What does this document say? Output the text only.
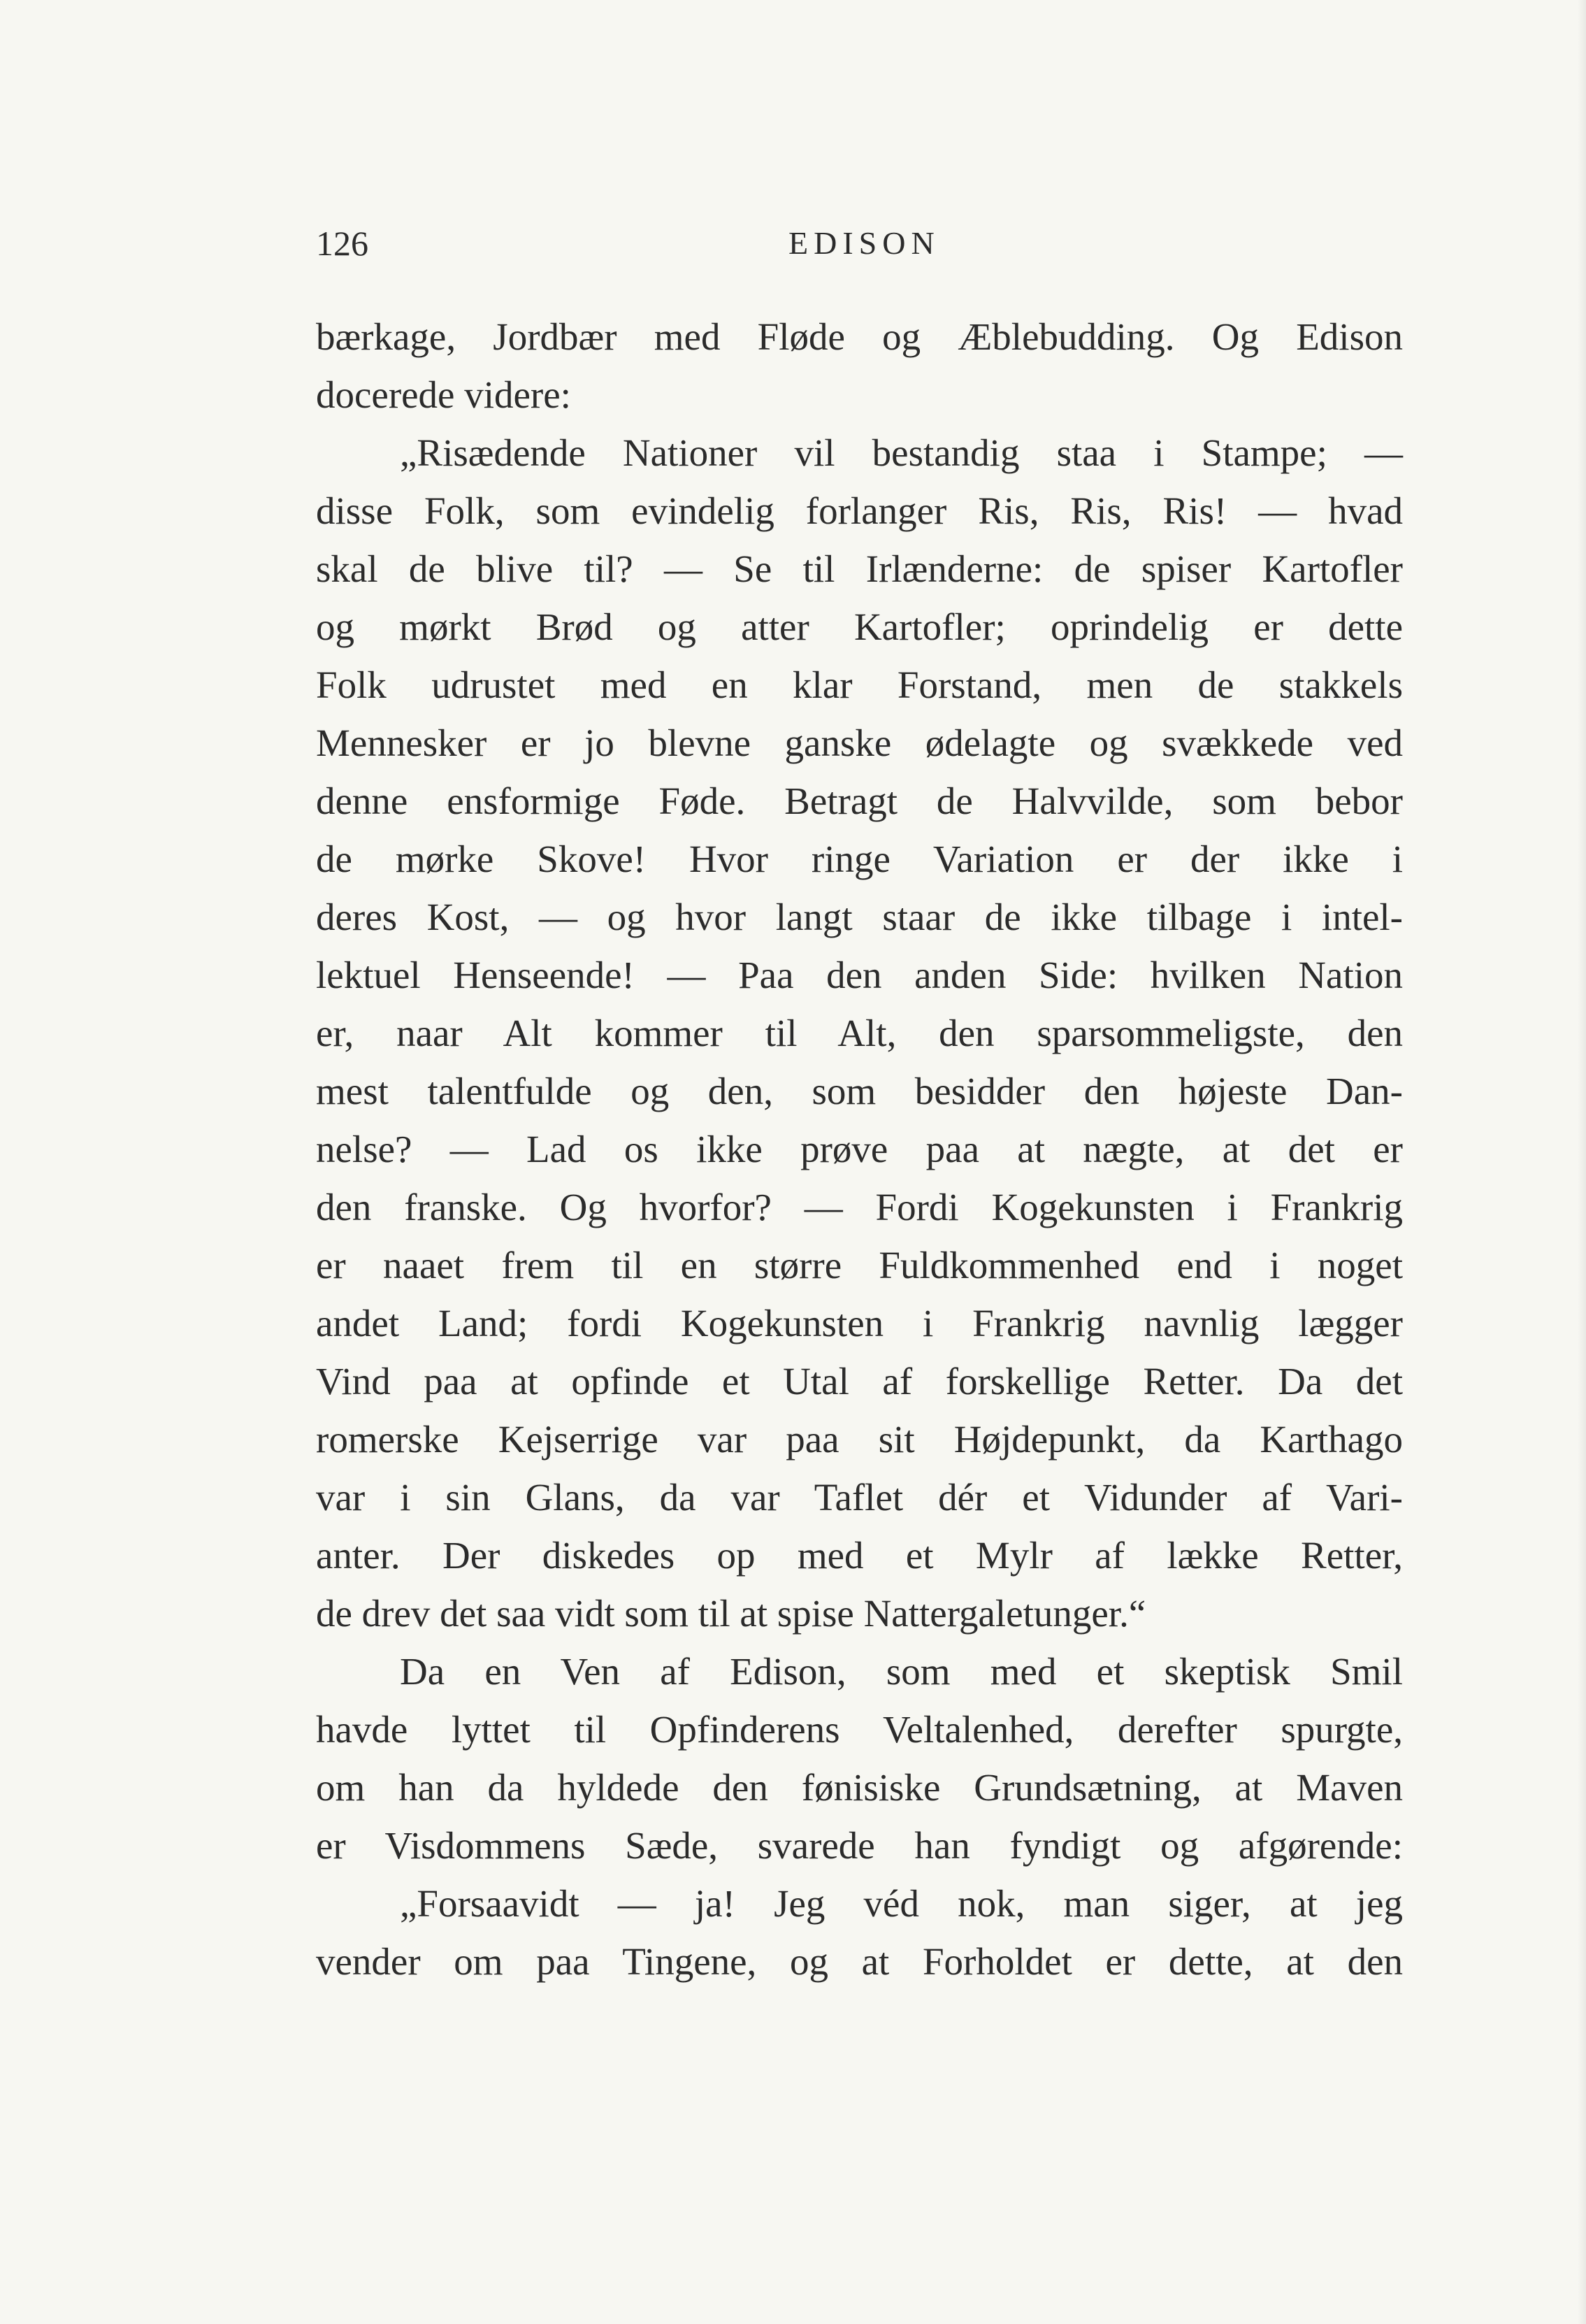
126	EDISON
bærkage, Jordbær med Fløde og Æblebudding. Og Edison
docerede videre:
„Risædende Nationer vil bestandig staa i Stampe; —
disse Folk, som evindelig forlanger Ris, Ris, Ris! — hvad
skal de blive til? — Se til Irlænderne: de spiser Kartofler
og mørkt Brød og atter Kartofler; oprindelig er dette
Folk udrustet med en klar Forstand, men de stakkels
Mennesker er jo blevne ganske ødelagte og svækkede ved
denne ensformige Føde. Betragt de Halvvilde, som bebor
de mørke Skove! Hvor ringe Variation er der ikke i
deres Kost, — og hvor langt staar de ikke tilbage i intel-
lektuel Henseende! — Paa den anden Side: hvilken Nation
er, naar Alt kommer til Alt, den sparsommeligste, den
mest talentfulde og den, som besidder den højeste Dan-
nelse? — Lad os ikke prøve paa at nægte, at det er
den franske. Og hvorfor? — Fordi Kogekunsten i Frankrig
er naaet frem til en større Fuldkommenhed end i noget
andet Land; fordi Kogekunsten i Frankrig navnlig lægger
Vind paa at opfinde et Utal af forskellige Retter. Da det
romerske Kejserrige var paa sit Højdepunkt, da Karthago
var i sin Glans, da var Taflet dér et Vidunder af Vari-
anter. Der diskedes op med et Mylr af lække Retter,
de drev det saa vidt som til at spise Nattergaletunger.“
Da en Ven af Edison, som med et skeptisk Smil
havde lyttet til Opfinderens Veltalenhed, derefter spurgte,
om han da hyldede den fønisiske Grundsætning, at Maven
er Visdommens Sæde, svarede han fyndigt og afgørende:
„Forsaavidt — ja! Jeg véd nok, man siger, at jeg
vender om paa Tingene, og at Forholdet er dette, at den
